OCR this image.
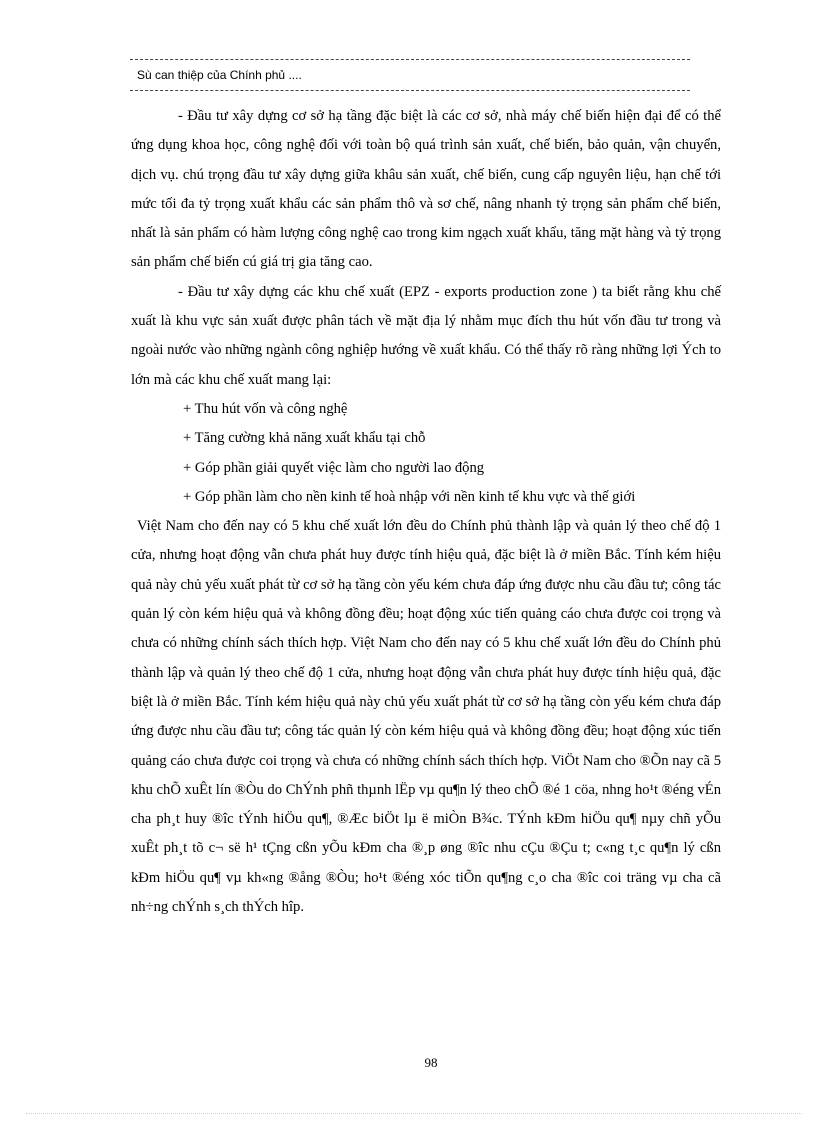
Sù can thiệp của Chính phủ ....

- Đầu tư xây dựng cơ sở hạ tầng đặc biệt là các cơ sở, nhà máy chế biến hiện đại để có thể ứng dụng khoa học, công nghệ đối với toàn bộ quá trình sản xuất, chế biến, bảo quản, vận chuyển, dịch vụ. chú trọng đầu tư xây dựng giữa khâu sản xuất, chế biến, cung cấp nguyên liệu, hạn chế tới mức tối đa tỷ trọng xuất khẩu các sản phẩm thô và sơ chế, nâng nhanh tỷ trọng sản phẩm chế biến, nhất là sản phẩm có hàm lượng công nghệ cao trong kim ngạch xuất khẩu, tăng mặt hàng và tỷ trọng sản phẩm chế biến cú giá trị gia tăng cao.

- Đầu tư xây dựng các khu chế xuất (EPZ - exports production zone ) ta biết rằng khu chế xuất là khu vực sản xuất được phân tách về mặt địa lý nhằm mục đích thu hút vốn đầu tư trong và ngoài nước vào những ngành công nghiệp hướng về xuất khẩu. Có thể thấy rõ ràng những lợi Ých to lớn mà các khu chế xuất mang lại:

+ Thu hút vốn và công nghệ

+ Tăng cường khả năng xuất khẩu tại chỗ

+ Góp phần giải quyết việc làm cho người lao động

+ Góp phần làm cho nền kinh tế hoà nhập với nền kinh tế khu vực và thế giới

Việt Nam cho đến nay có 5 khu chế xuất lớn đều do Chính phủ thành lập và quản lý theo chế độ 1 cửa, nhưng hoạt động vẫn chưa phát huy được tính hiệu quả, đặc biệt là ở miền Bắc. Tính kém hiệu quả này chủ yếu xuất phát từ cơ sở hạ tầng còn yếu kém chưa đáp ứng được nhu cầu đầu tư; công tác quản lý còn kém hiệu quả và không đồng đều; hoạt động xúc tiến quảng cáo chưa được coi trọng và chưa có những chính sách thích hợp. Việt Nam cho đến nay có 5 khu chế xuất lớn đều do Chính phủ thành lập và quản lý theo chế độ 1 cửa, nhưng hoạt động vẫn chưa phát huy được tính hiệu quả, đặc biệt là ở miền Bắc. Tính kém hiệu quả này chủ yếu xuất phát từ cơ sở hạ tầng còn yếu kém chưa đáp ứng được nhu cầu đầu tư; công tác quản lý còn kém hiệu quả và không đồng đều; hoạt động xúc tiến quảng cáo chưa được coi trọng và chưa có những chính sách thích hợp. ViÖt Nam cho ®Õn nay cã 5 khu chÕ xuÊt lín ®Òu do ChÝnh phñ thµnh lËp vµ qu¶n lý theo chÕ ®é 1 cöa, nhng ho¹t ®éng vÉn cha ph¸t huy ®îc tÝnh hiÖu qu¶, ®Æc biÖt lµ ë miÒn B¾c. TÝnh kÐm hiÖu qu¶ nµy chñ yÕu xuÊt ph¸t tõ c¬ së h¹ tÇng cßn yÕu kÐm cha ®¸p øng ®îc nhu cÇu ®Çu t; c«ng t¸c qu¶n lý cßn kÐm hiÖu qu¶ vµ kh«ng ®ång ®Òu; ho¹t ®éng xóc tiÕn qu¶ng c¸o cha ®îc coi träng vµ cha cã nh÷ng chÝnh s¸ch thÝch hîp.

98
